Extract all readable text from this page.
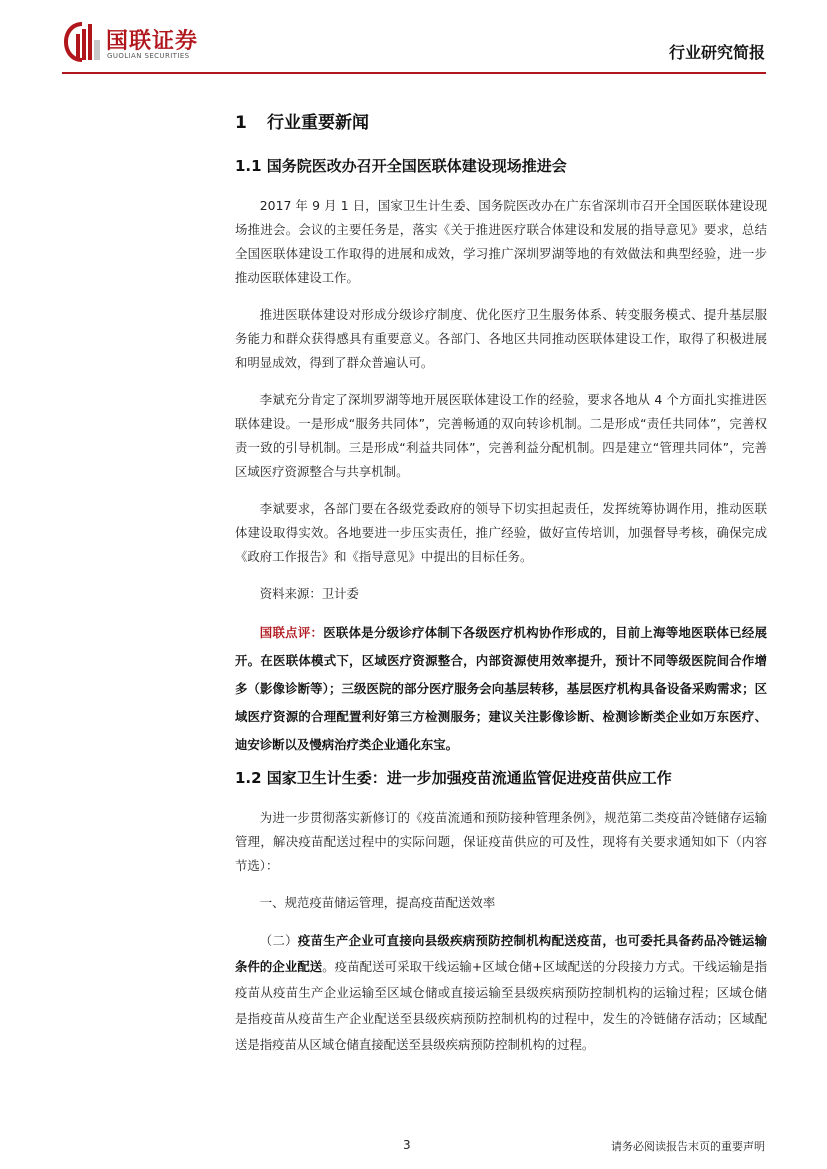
国联证券
GUOLIAN SECURITIES	行业研究简报
1	行业重要新闻
1.1 国务院医改办召开全国医联体建设现场推进会

2017 年 9 月 1 日，国家卫生计生委、国务院医改办在广东省深圳市召开全国医联体建设现场推进会。会议的主要任务是，落实《关于推进医疗联合体建设和发展的指导意见》要求，总结全国医联体建设工作取得的进展和成效，学习推广深圳罗湖等地的有效做法和典型经验，进一步推动医联体建设工作。

推进医联体建设对形成分级诊疗制度、优化医疗卫生服务体系、转变服务模式、提升基层服务能力和群众获得感具有重要意义。各部门、各地区共同推动医联体建设工作，取得了积极进展和明显成效，得到了群众普遍认可。

李斌充分肯定了深圳罗湖等地开展医联体建设工作的经验，要求各地从 4 个方面扎实推进医联体建设。一是形成“服务共同体”，完善畅通的双向转诊机制。二是形成“责任共同体”，完善权责一致的引导机制。三是形成“利益共同体”，完善利益分配机制。四是建立“管理共同体”，完善区域医疗资源整合与共享机制。

李斌要求，各部门要在各级党委政府的领导下切实担起责任，发挥统筹协调作用，推动医联体建设取得实效。各地要进一步压实责任，推广经验，做好宣传培训，加强督导考核，确保完成《政府工作报告》和《指导意见》中提出的目标任务。

资料来源：卫计委

国联点评：医联体是分级诊疗体制下各级医疗机构协作形成的，目前上海等地医联体已经展开。在医联体模式下，区域医疗资源整合，内部资源使用效率提升，预计不同等级医院间合作增多（影像诊断等）；三级医院的部分医疗服务会向基层转移，基层医疗机构具备设备采购需求；区域医疗资源的合理配置利好第三方检测服务；建议关注影像诊断、检测诊断类企业如万东医疗、迪安诊断以及慢病治疗类企业通化东宝。

1.2 国家卫生计生委：进一步加强疫苗流通监管促进疫苗供应工作

为进一步贯彻落实新修订的《疫苗流通和预防接种管理条例》，规范第二类疫苗冷链储存运输管理，解决疫苗配送过程中的实际问题，保证疫苗供应的可及性，现将有关要求通知如下（内容节选）：

一、规范疫苗储运管理，提高疫苗配送效率

（二）疫苗生产企业可直接向县级疾病预防控制机构配送疫苗，也可委托具备药品冷链运输条件的企业配送。疫苗配送可采取干线运输+区域仓储+区域配送的分段接力方式。干线运输是指疫苗从疫苗生产企业运输至区域仓储或直接运输至县级疾病预防控制机构的运输过程；区域仓储是指疫苗从疫苗生产企业配送至县级疾病预防控制机构的过程中，发生的冷链储存活动；区域配送是指疫苗从区域仓储直接配送至县级疾病预防控制机构的过程。

3	请务必阅读报告末页的重要声明
